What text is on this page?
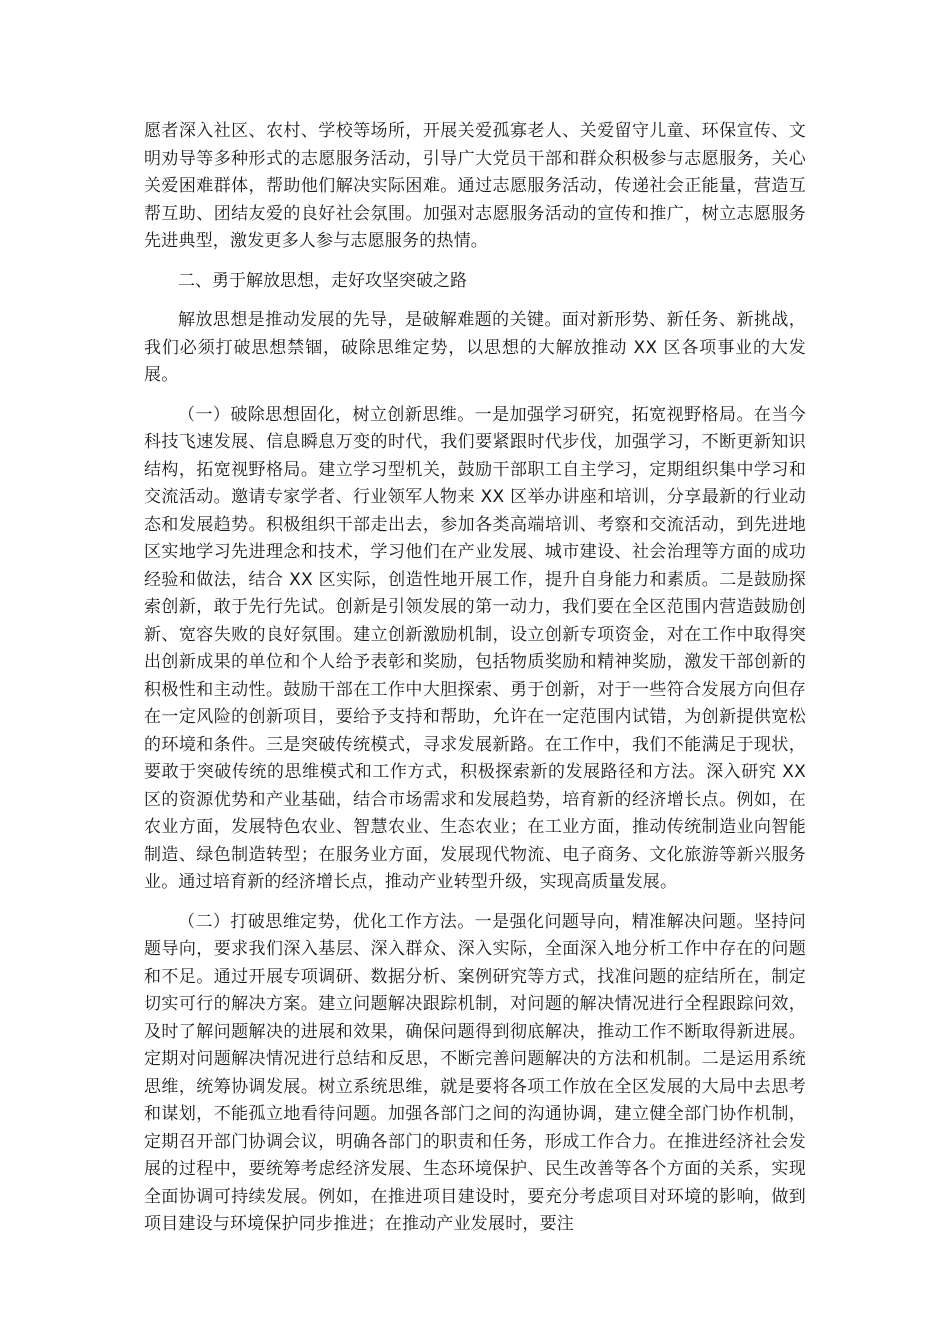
愿者深入社区、农村、学校等场所，开展关爱孤寡老人、关爱留守儿童、环保宣传、文明劝导等多种形式的志愿服务活动，引导广大党员干部和群众积极参与志愿服务，关心关爱困难群体，帮助他们解决实际困难。通过志愿服务活动，传递社会正能量，营造互帮互助、团结友爱的良好社会氛围。加强对志愿服务活动的宣传和推广，树立志愿服务先进典型，激发更多人参与志愿服务的热情。

二、勇于解放思想，走好攻坚突破之路

解放思想是推动发展的先导，是破解难题的关键。面对新形势、新任务、新挑战，我们必须打破思想禁锢，破除思维定势，以思想的大解放推动 XX 区各项事业的大发展。

（一）破除思想固化，树立创新思维。一是加强学习研究，拓宽视野格局。在当今科技飞速发展、信息瞬息万变的时代，我们要紧跟时代步伐，加强学习，不断更新知识结构，拓宽视野格局。建立学习型机关，鼓励干部职工自主学习，定期组织集中学习和交流活动。邀请专家学者、行业领军人物来 XX 区举办讲座和培训，分享最新的行业动态和发展趋势。积极组织干部走出去，参加各类高端培训、考察和交流活动，到先进地区实地学习先进理念和技术，学习他们在产业发展、城市建设、社会治理等方面的成功经验和做法，结合 XX 区实际，创造性地开展工作，提升自身能力和素质。二是鼓励探索创新，敢于先行先试。创新是引领发展的第一动力，我们要在全区范围内营造鼓励创新、宽容失败的良好氛围。建立创新激励机制，设立创新专项资金，对在工作中取得突出创新成果的单位和个人给予表彰和奖励，包括物质奖励和精神奖励，激发干部创新的积极性和主动性。鼓励干部在工作中大胆探索、勇于创新，对于一些符合发展方向但存在一定风险的创新项目，要给予支持和帮助，允许在一定范围内试错，为创新提供宽松的环境和条件。三是突破传统模式，寻求发展新路。在工作中，我们不能满足于现状，要敢于突破传统的思维模式和工作方式，积极探索新的发展路径和方法。深入研究 XX 区的资源优势和产业基础，结合市场需求和发展趋势，培育新的经济增长点。例如，在农业方面，发展特色农业、智慧农业、生态农业；在工业方面，推动传统制造业向智能制造、绿色制造转型；在服务业方面，发展现代物流、电子商务、文化旅游等新兴服务业。通过培育新的经济增长点，推动产业转型升级，实现高质量发展。

（二）打破思维定势，优化工作方法。一是强化问题导向，精准解决问题。坚持问题导向，要求我们深入基层、深入群众、深入实际，全面深入地分析工作中存在的问题和不足。通过开展专项调研、数据分析、案例研究等方式，找准问题的症结所在，制定切实可行的解决方案。建立问题解决跟踪机制，对问题的解决情况进行全程跟踪问效，及时了解问题解决的进展和效果，确保问题得到彻底解决，推动工作不断取得新进展。定期对问题解决情况进行总结和反思，不断完善问题解决的方法和机制。二是运用系统思维，统筹协调发展。树立系统思维，就是要将各项工作放在全区发展的大局中去思考和谋划，不能孤立地看待问题。加强各部门之间的沟通协调，建立健全部门协作机制，定期召开部门协调会议，明确各部门的职责和任务，形成工作合力。在推进经济社会发展的过程中，要统筹考虑经济发展、生态环境保护、民生改善等各个方面的关系，实现全面协调可持续发展。例如，在推进项目建设时，要充分考虑项目对环境的影响，做到项目建设与环境保护同步推进；在推动产业发展时，要注
